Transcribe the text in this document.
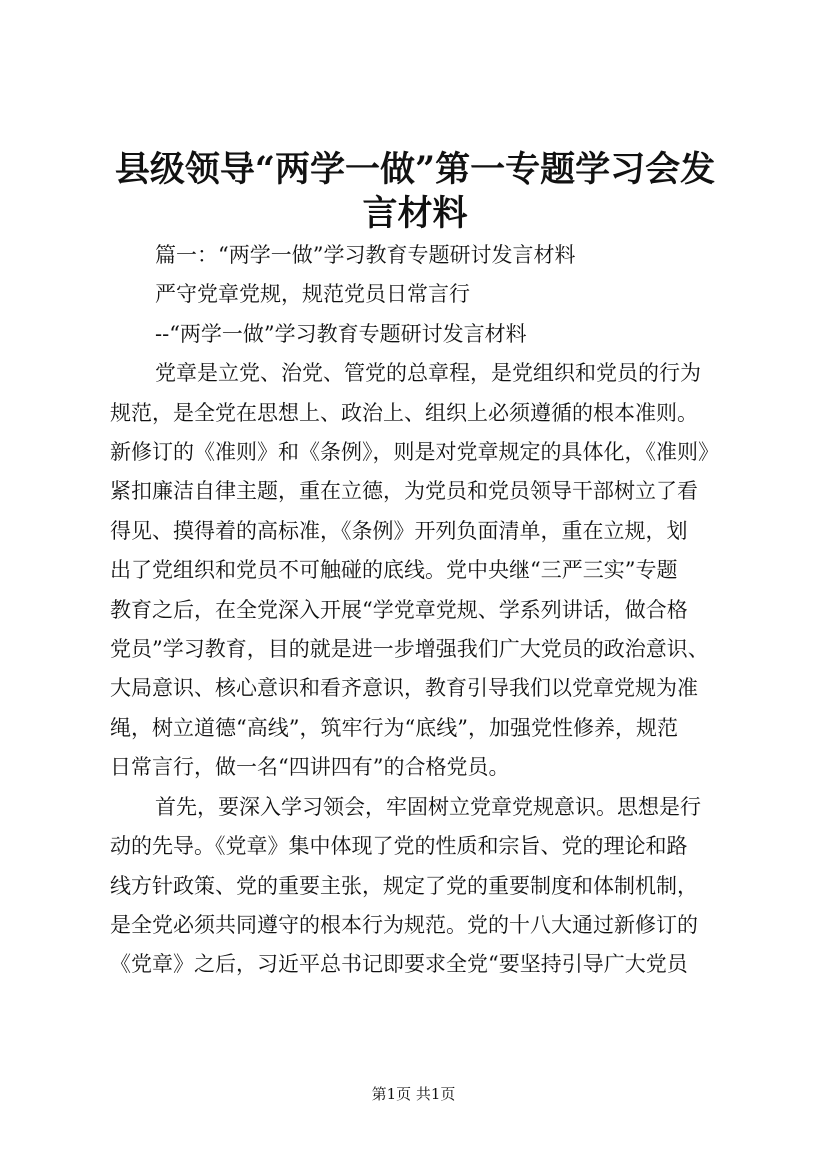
县级领导“两学一做”第一专题学习会发言材料
篇一：“两学一做”学习教育专题研讨发言材料
严守党章党规，规范党员日常言行
--“两学一做”学习教育专题研讨发言材料
党章是立党、治党、管党的总章程，是党组织和党员的行为
规范，是全党在思想上、政治上、组织上必须遵循的根本准则。
新修订的《准则》和《条例》，则是对党章规定的具体化，《准则》
紧扣廉洁自律主题，重在立德，为党员和党员领导干部树立了看
得见、摸得着的高标准，《条例》开列负面清单，重在立规，划
出了党组织和党员不可触碰的底线。党中央继“三严三实”专题
教育之后，在全党深入开展“学党章党规、学系列讲话，做合格
党员”学习教育，目的就是进一步增强我们广大党员的政治意识、
大局意识、核心意识和看齐意识，教育引导我们以党章党规为准
绳，树立道德“高线”，筑牢行为“底线”，加强党性修养，规范
日常言行，做一名“四讲四有”的合格党员。
首先，要深入学习领会，牢固树立党章党规意识。思想是行
动的先导。《党章》集中体现了党的性质和宗旨、党的理论和路
线方针政策、党的重要主张，规定了党的重要制度和体制机制，
是全党必须共同遵守的根本行为规范。党的十八大通过新修订的
《党章》之后，习近平总书记即要求全党“要坚持引导广大党员
第1页 共1页
